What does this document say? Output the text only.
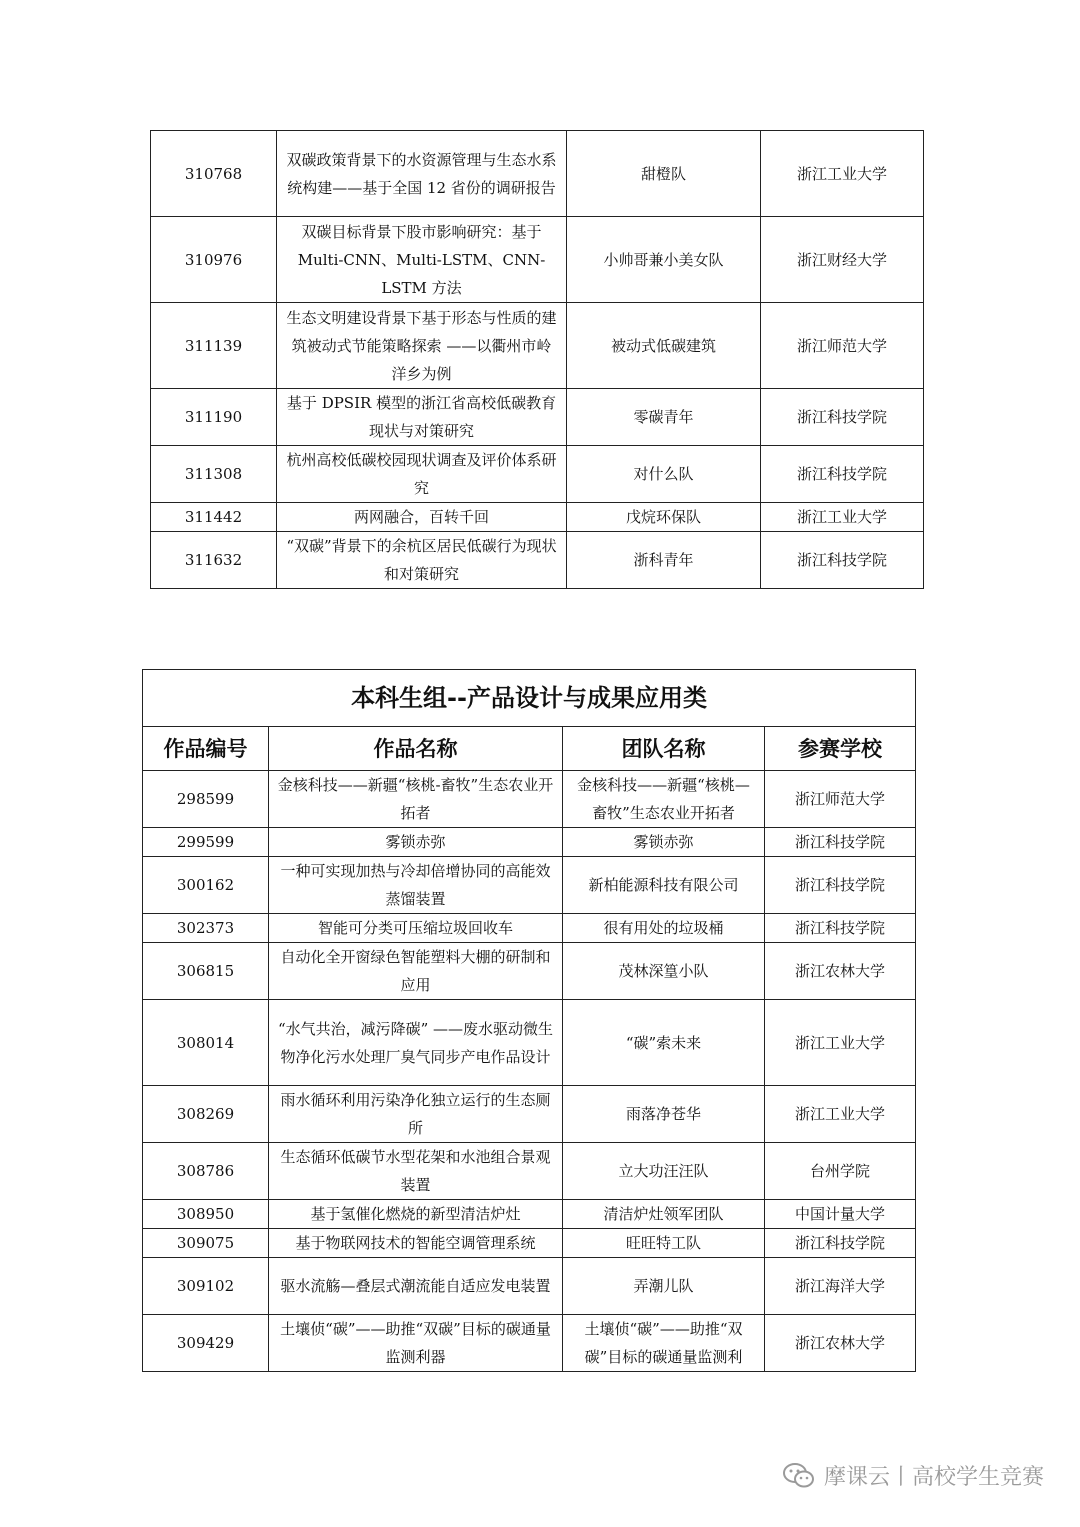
310768	双碳政策背景下的水资源管理与生态水系统构建——基于全国 12 省份的调研报告	甜橙队	浙江工业大学
310976	双碳目标背景下股市影响研究：基于 Multi-CNN、Multi-LSTM、CNN-LSTM 方法	小帅哥兼小美女队	浙江财经大学
311139	生态文明建设背景下基于形态与性质的建筑被动式节能策略探索 ——以衢州市岭洋乡为例	被动式低碳建筑	浙江师范大学
311190	基于 DPSIR 模型的浙江省高校低碳教育现状与对策研究	零碳青年	浙江科技学院
311308	杭州高校低碳校园现状调查及评价体系研究	对什么队	浙江科技学院
311442	两网融合，百转千回	戊烷环保队	浙江工业大学
311632	“双碳”背景下的余杭区居民低碳行为现状和对策研究	浙科青年	浙江科技学院
本科生组--产品设计与成果应用类			
作品编号	作品名称	团队名称	参赛学校
298599	金核科技——新疆“核桃-畜牧”生态农业开拓者	金核科技——新疆“核桃—畜牧”生态农业开拓者	浙江师范大学
299599	雾锁赤弥	雾锁赤弥	浙江科技学院
300162	一种可实现加热与冷却倍增协同的高能效蒸馏装置	新柏能源科技有限公司	浙江科技学院
302373	智能可分类可压缩垃圾回收车	很有用处的垃圾桶	浙江科技学院
306815	自动化全开窗绿色智能塑料大棚的研制和应用	茂林深篁小队	浙江农林大学
308014	“水气共治，减污降碳” ——废水驱动微生物净化污水处理厂臭气同步产电作品设计	“碳”索未来	浙江工业大学
308269	雨水循环利用污染净化独立运行的生态厕所	雨落净苍华	浙江工业大学
308786	生态循环低碳节水型花架和水池组合景观装置	立大功汪汪队	台州学院
308950	基于氢催化燃烧的新型清洁炉灶	清洁炉灶领军团队	中国计量大学
309075	基于物联网技术的智能空调管理系统	旺旺特工队	浙江科技学院
309102	驱水流觞—叠层式潮流能自适应发电装置	弄潮儿队	浙江海洋大学
309429	土壤侦“碳”——助推“双碳”目标的碳通量监测利器	土壤侦“碳”——助推“双碳”目标的碳通量监测利	浙江农林大学
摩课云丨高校学生竞赛
